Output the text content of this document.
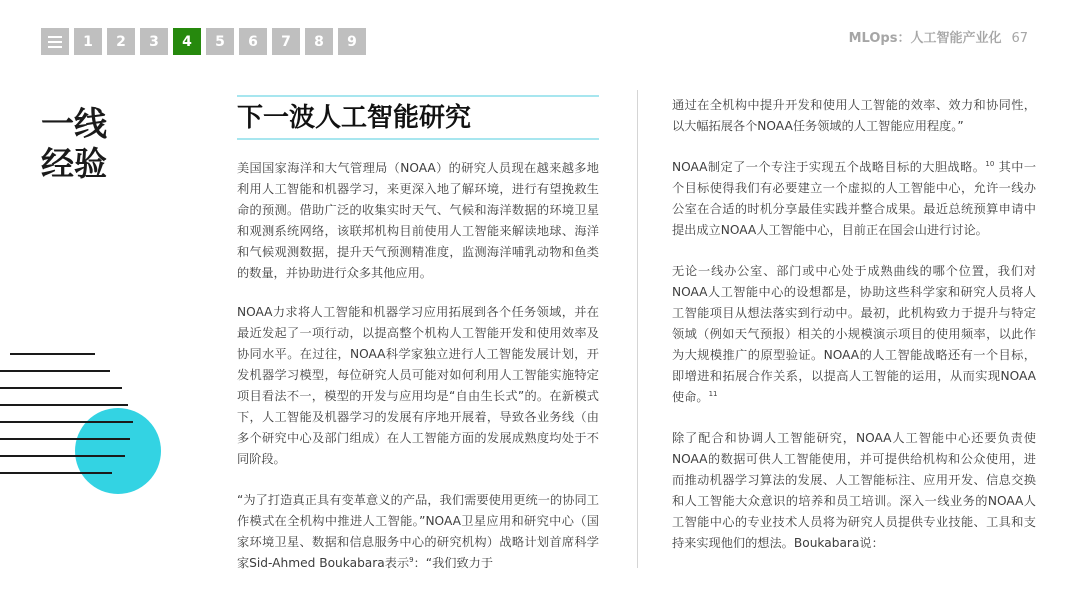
1	2	3	4	5	6	7	8	9	MLOps：人工智能产业化 67
一线经验
下一波人工智能研究

美国国家海洋和大气管理局（NOAA）的研究人员现在越来越多地利用人工智能和机器学习，来更深入地了解环境，进行有望挽救生命的预测。借助广泛的收集实时天气、气候和海洋数据的环境卫星和观测系统网络，该联邦机构目前使用人工智能来解读地球、海洋和气候观测数据，提升天气预测精准度，监测海洋哺乳动物和鱼类的数量，并协助进行众多其他应用。

NOAA力求将人工智能和机器学习应用拓展到各个任务领域，并在最近发起了一项行动，以提高整个机构人工智能开发和使用效率及协同水平。在过往，NOAA科学家独立进行人工智能发展计划，开发机器学习模型，每位研究人员可能对如何利用人工智能实施特定项目看法不一，模型的开发与应用均是“自由生长式”的。在新模式下，人工智能及机器学习的发展有序地开展着，导致各业务线（由多个研究中心及部门组成）在人工智能方面的发展成熟度均处于不同阶段。

“为了打造真正具有变革意义的产品，我们需要使用更统一的协同工作模式在全机构中推进人工智能。”NOAA卫星应用和研究中心（国家环境卫星、数据和信息服务中心的研究机构）战略计划首席科学家Sid-Ahmed Boukabara表示$^9$：“我们致力于

通过在全机构中提升开发和使用人工智能的效率、效力和协同性，以大幅拓展各个NOAA任务领域的人工智能应用程度。”

NOAA制定了一个专注于实现五个战略目标的大胆战略。$^{10}$ 其中一个目标使得我们有必要建立一个虚拟的人工智能中心，允许一线办公室在合适的时机分享最佳实践并整合成果。最近总统预算申请中提出成立NOAA人工智能中心，目前正在国会山进行讨论。

无论一线办公室、部门或中心处于成熟曲线的哪个位置，我们对NOAA人工智能中心的设想都是，协助这些科学家和研究人员将人工智能项目从想法落实到行动中。最初，此机构致力于提升与特定领域（例如天气预报）相关的小规模演示项目的使用频率，以此作为大规模推广的原型验证。NOAA的人工智能战略还有一个目标，即增进和拓展合作关系，以提高人工智能的运用，从而实现NOAA使命。$^{11}$

除了配合和协调人工智能研究，NOAA人工智能中心还要负责使NOAA的数据可供人工智能使用，并可提供给机构和公众使用，进而推动机器学习算法的发展、人工智能标注、应用开发、信息交换和人工智能大众意识的培养和员工培训。深入一线业务的NOAA人工智能中心的专业技术人员将为研究人员提供专业技能、工具和支持来实现他们的想法。Boukabara说：
